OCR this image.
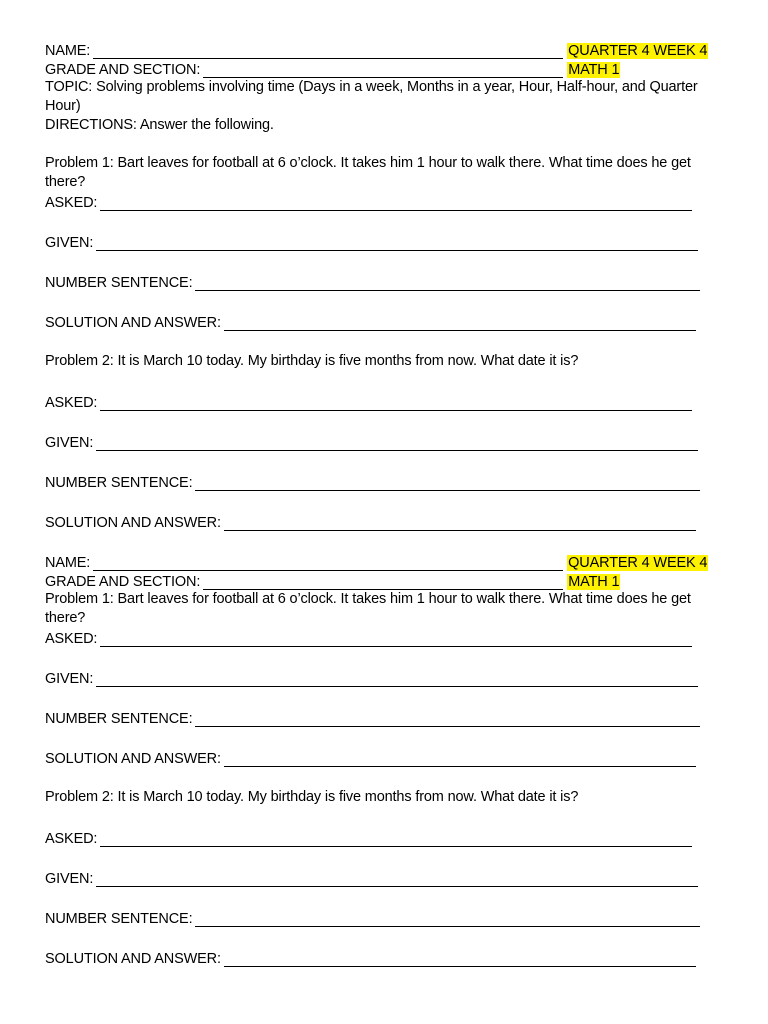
NAME:	QUARTER 4 WEEK 4
GRADE AND SECTION:	MATH 1
TOPIC: Solving problems involving time (Days in a week, Months in a year, Hour, Half-hour, and Quarter Hour)
DIRECTIONS: Answer the following.
Problem 1: Bart leaves for football at 6 o’clock. It takes him 1 hour to walk there. What time does he get there?
ASKED:
GIVEN:
NUMBER SENTENCE:
SOLUTION AND ANSWER:
Problem 2: It is March 10 today. My birthday is five months from now. What date it is?
ASKED:
GIVEN:
NUMBER SENTENCE:
SOLUTION AND ANSWER:
NAME:	QUARTER 4 WEEK 4
GRADE AND SECTION:	MATH 1
Problem 1: Bart leaves for football at 6 o’clock. It takes him 1 hour to walk there. What time does he get there?
ASKED:
GIVEN:
NUMBER SENTENCE:
SOLUTION AND ANSWER:
Problem 2: It is March 10 today. My birthday is five months from now. What date it is?
ASKED:
GIVEN:
NUMBER SENTENCE:
SOLUTION AND ANSWER:
